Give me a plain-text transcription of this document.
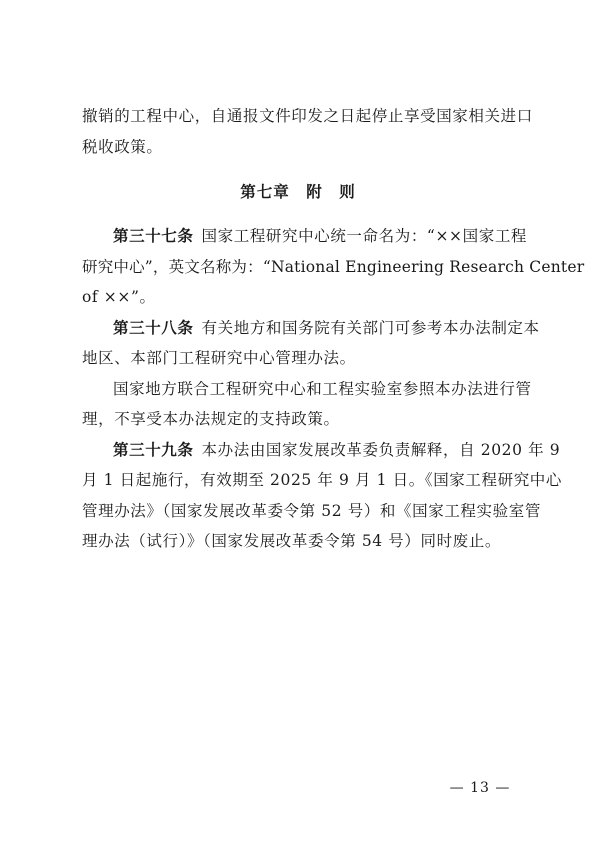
撤销的工程中心，自通报文件印发之日起停止享受国家相关进口
税收政策。
第七章　附　则
第三十七条 国家工程研究中心统一命名为：“××国家工程
研究中心”，英文名称为：“National Engineering Research Center
of ××”。
第三十八条 有关地方和国务院有关部门可参考本办法制定本
地区、本部门工程研究中心管理办法。
国家地方联合工程研究中心和工程实验室参照本办法进行管
理，不享受本办法规定的支持政策。
第三十九条 本办法由国家发展改革委负责解释，自 2020 年 9
月 1 日起施行，有效期至 2025 年 9 月 1 日。《国家工程研究中心
管理办法》（国家发展改革委令第 52 号）和《国家工程实验室管
理办法（试行）》（国家发展改革委令第 54 号）同时废止。
— 13 —
